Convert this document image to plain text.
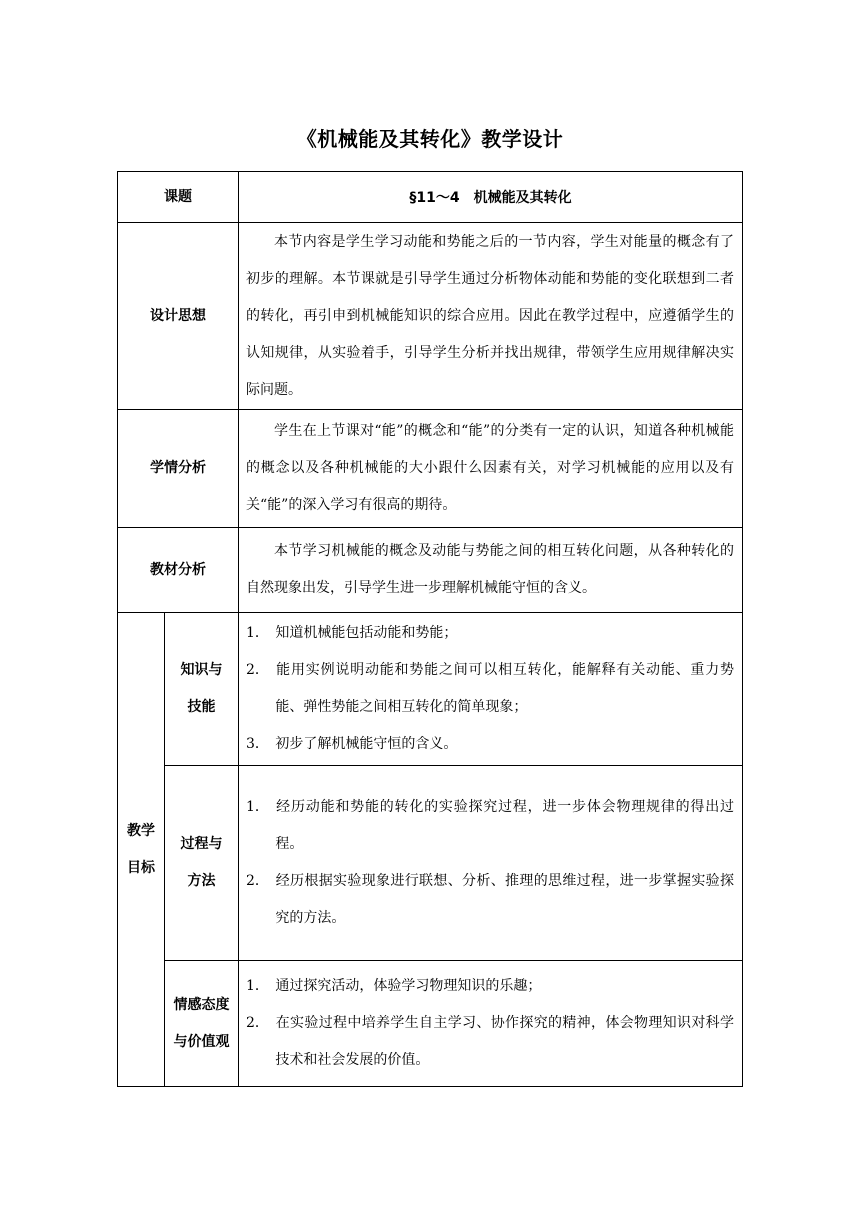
《机械能及其转化》教学设计
课题		§11～4　机械能及其转化
设计思想		本节内容是学生学习动能和势能之后的一节内容，学生对能量的概念有了初步的理解。本节课就是引导学生通过分析物体动能和势能的变化联想到二者的转化，再引申到机械能知识的综合应用。因此在教学过程中，应遵循学生的认知规律，从实验着手，引导学生分析并找出规律，带领学生应用规律解决实际问题。
学情分析		学生在上节课对“能”的概念和“能”的分类有一定的认识，知道各种机械能的概念以及各种机械能的大小跟什么因素有关，对学习机械能的应用以及有关“能”的深入学习有很高的期待。
教材分析		本节学习机械能的概念及动能与势能之间的相互转化问题，从各种转化的自然现象出发，引导学生进一步理解机械能守恒的含义。
教学目标	知识与技能	1． 知道机械能包括动能和势能；
2． 能用实例说明动能和势能之间可以相互转化，能解释有关动能、重力势能、弹性势能之间相互转化的简单现象；
3． 初步了解机械能守恒的含义。

	过程与方法	1． 经历动能和势能的转化的实验探究过程，进一步体会物理规律的得出过程。
2． 经历根据实验现象进行联想、分析、推理的思维过程，进一步掌握实验探究的方法。

	情感态度与价值观	1． 通过探究活动，体验学习物理知识的乐趣；
2． 在实验过程中培养学生自主学习、协作探究的精神，体会物理知识对科学技术和社会发展的价值。
